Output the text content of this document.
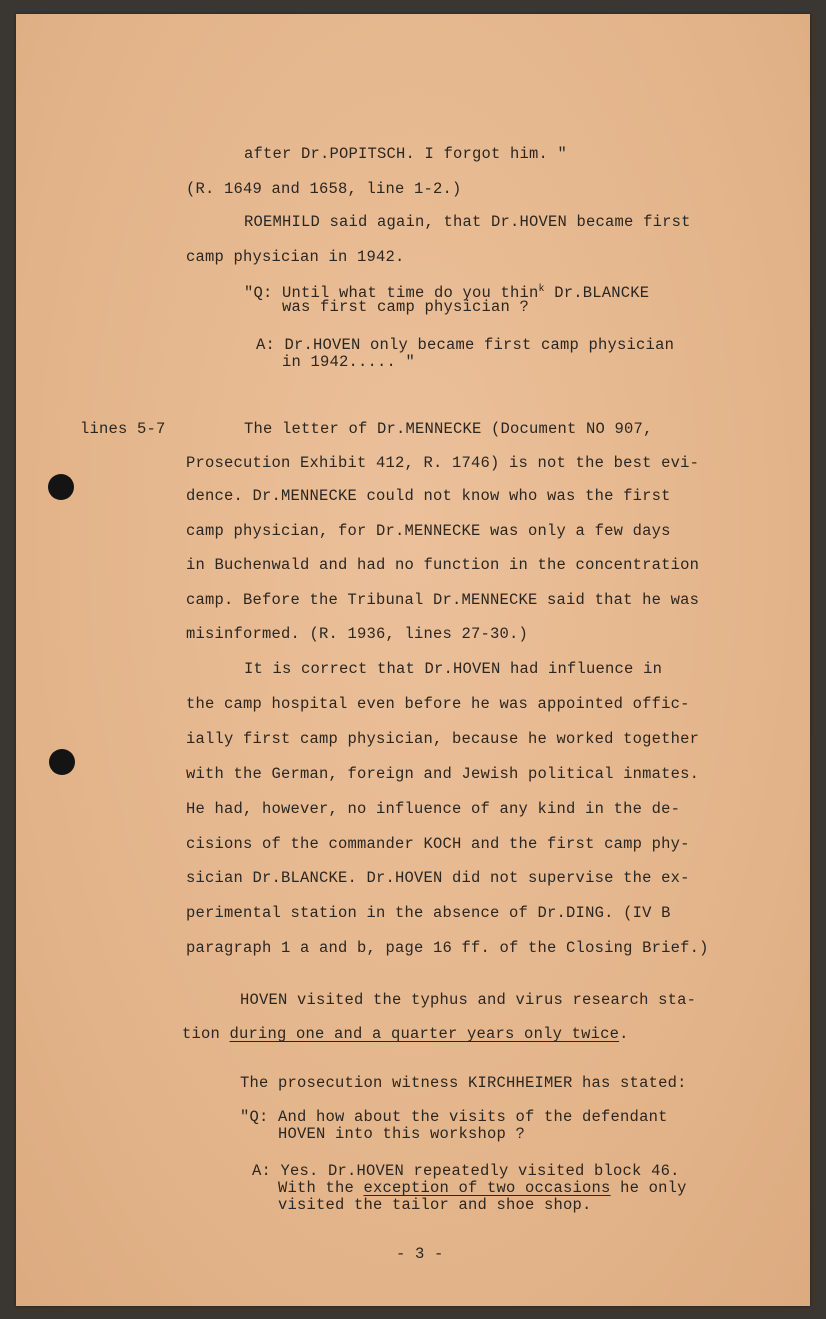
after Dr.POPITSCH. I forgot him. "
(R. 1649 and 1658, line 1-2.)
ROEMHILD said again, that Dr.HOVEN became first
camp physician in 1942.
"Q: Until what time do you thin$^k$ Dr.BLANCKE
was first camp physician ?
A: Dr.HOVEN only became first camp physician
in 1942..... "
lines 5-7	The letter of Dr.MENNECKE (Document NO 907,
Prosecution Exhibit 412, R. 1746) is not the best evi-
dence. Dr.MENNECKE could not know who was the first
camp physician, for Dr.MENNECKE was only a few days
in Buchenwald and had no function in the concentration
camp. Before the Tribunal Dr.MENNECKE said that he was
misinformed. (R. 1936, lines 27-30.)
It is correct that Dr.HOVEN had influence in
the camp hospital even before he was appointed offic-
ially first camp physician, because he worked together
with the German, foreign and Jewish political inmates.
He had, however, no influence of any kind in the de-
cisions of the commander KOCH and the first camp phy-
sician Dr.BLANCKE. Dr.HOVEN did not supervise the ex-
perimental station in the absence of Dr.DING. (IV B
paragraph 1 a and b, page 16 ff. of the Closing Brief.)
HOVEN visited the typhus and virus research sta-
tion during one and a quarter years only twice.
The prosecution witness KIRCHHEIMER has stated:
"Q: And how about the visits of the defendant
HOVEN into this workshop ?
A: Yes. Dr.HOVEN repeatedly visited block 46.
With the exception of two occasions he only
visited the tailor and shoe shop.
- 3 -
